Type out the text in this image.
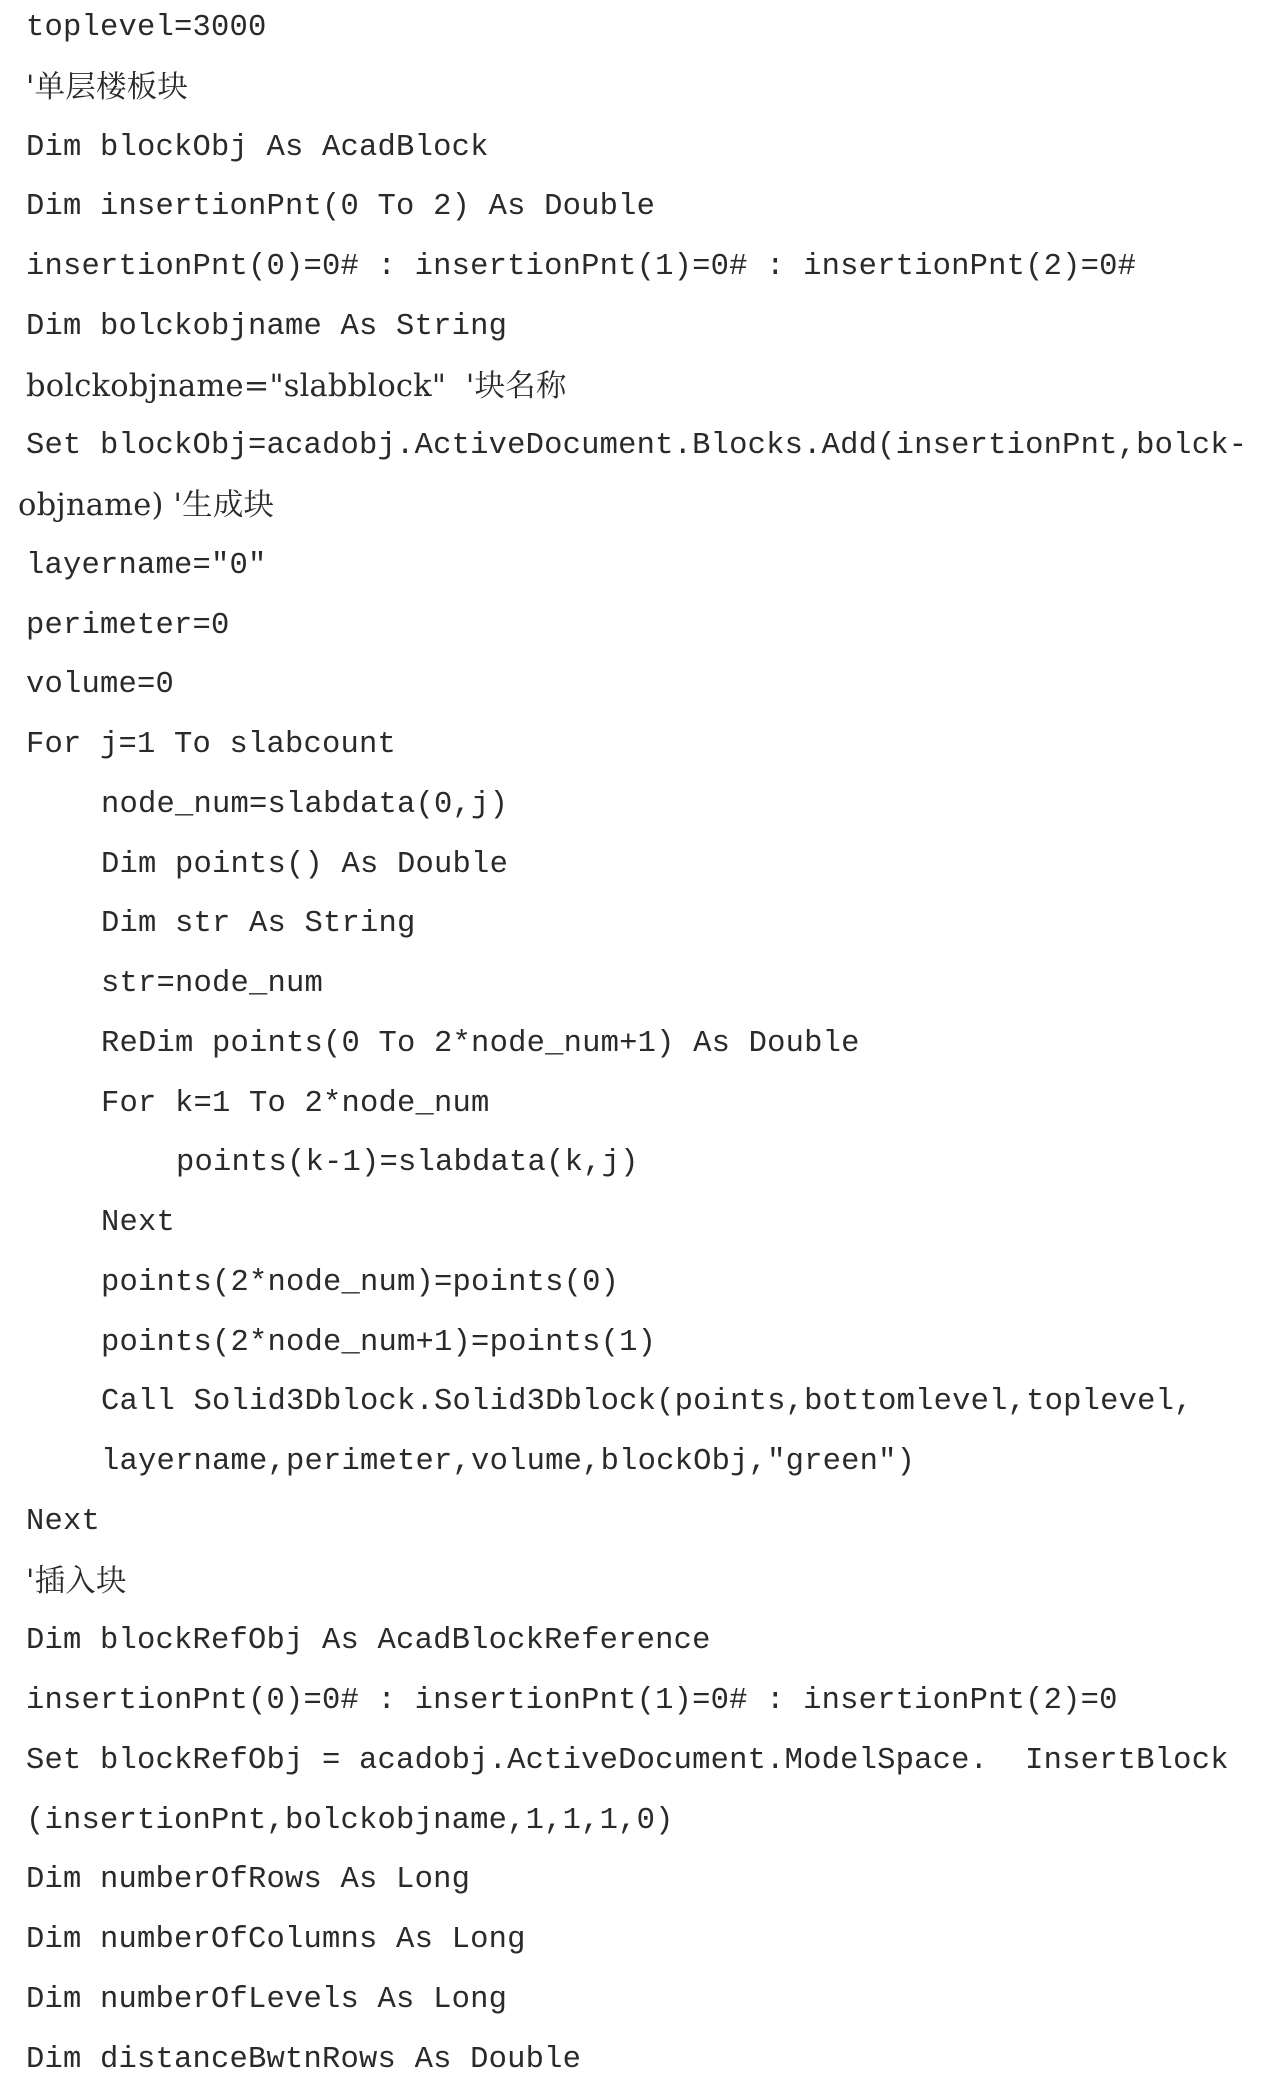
toplevel=3000
'单层楼板块
Dim blockObj As AcadBlock
Dim insertionPnt(0 To 2) As Double
insertionPnt(0)=0# : insertionPnt(1)=0# : insertionPnt(2)=0#
Dim bolckobjname As String
bolckobjname="slabblock"  '块名称
Set blockObj=acadobj.ActiveDocument.Blocks.Add(insertionPnt,bolck-
objname) '生成块
layername="0"
perimeter=0
volume=0
For j=1 To slabcount
node_num=slabdata(0,j)
Dim points() As Double
Dim str As String
str=node_num
ReDim points(0 To 2*node_num+1) As Double
For k=1 To 2*node_num
points(k-1)=slabdata(k,j)
Next
points(2*node_num)=points(0)
points(2*node_num+1)=points(1)
Call Solid3Dblock.Solid3Dblock(points,bottomlevel,toplevel,
layername,perimeter,volume,blockObj,"green")
Next
'插入块
Dim blockRefObj As AcadBlockReference
insertionPnt(0)=0# : insertionPnt(1)=0# : insertionPnt(2)=0
Set blockRefObj = acadobj.ActiveDocument.ModelSpace.  InsertBlock
(insertionPnt,bolckobjname,1,1,1,0)
Dim numberOfRows As Long
Dim numberOfColumns As Long
Dim numberOfLevels As Long
Dim distanceBwtnRows As Double
